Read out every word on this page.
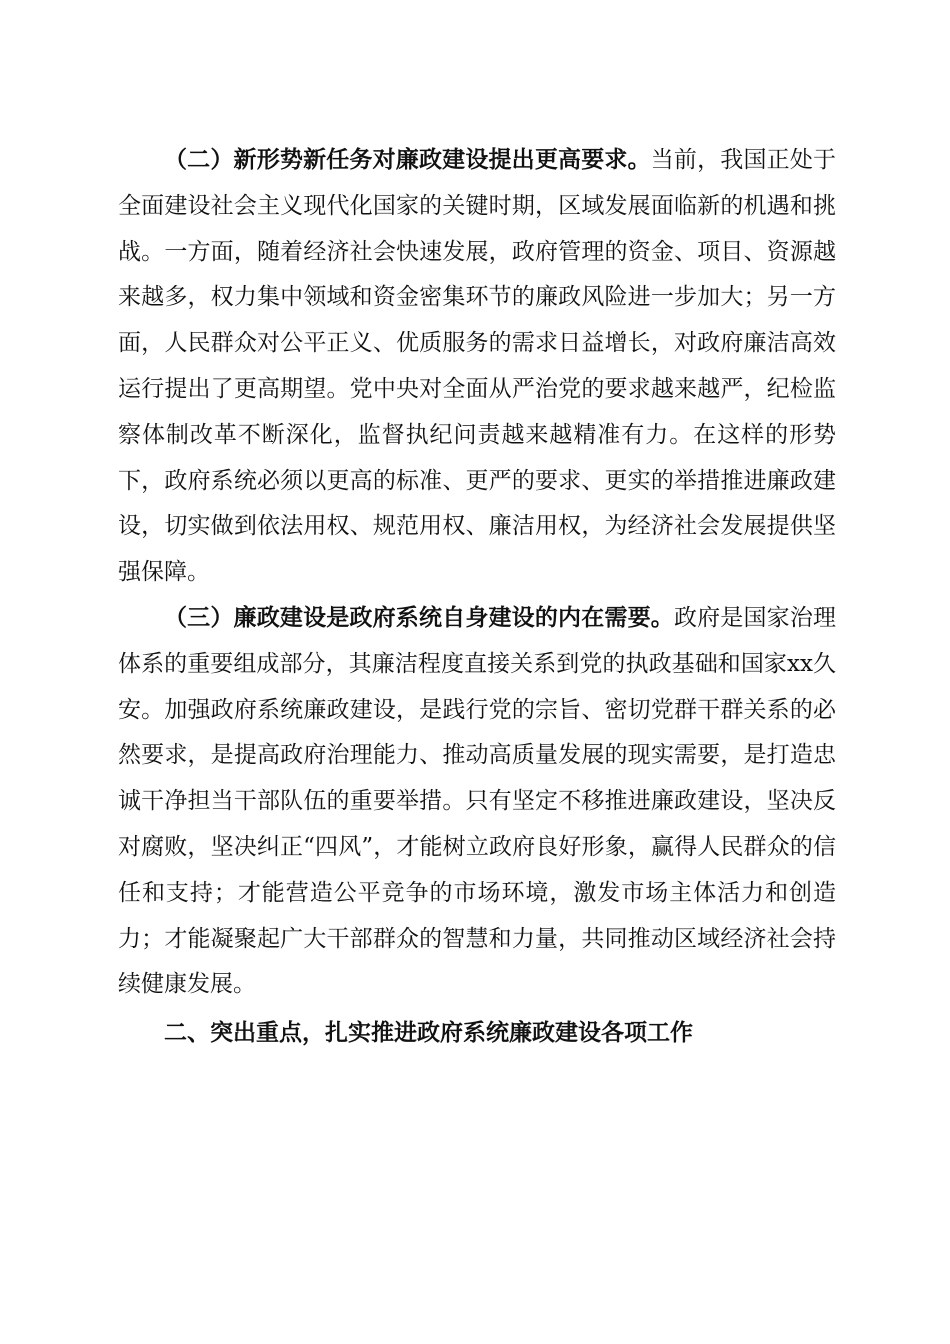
（二）新形势新任务对廉政建设提出更高要求。当前，我国正处于全面建设社会主义现代化国家的关键时期，区域发展面临新的机遇和挑战。一方面，随着经济社会快速发展，政府管理的资金、项目、资源越来越多，权力集中领域和资金密集环节的廉政风险进一步加大；另一方面，人民群众对公平正义、优质服务的需求日益增长，对政府廉洁高效运行提出了更高期望。党中央对全面从严治党的要求越来越严，纪检监察体制改革不断深化，监督执纪问责越来越精准有力。在这样的形势下，政府系统必须以更高的标准、更严的要求、更实的举措推进廉政建设，切实做到依法用权、规范用权、廉洁用权，为经济社会发展提供坚强保障。

（三）廉政建设是政府系统自身建设的内在需要。政府是国家治理体系的重要组成部分，其廉洁程度直接关系到党的执政基础和国家xx久安。加强政府系统廉政建设，是践行党的宗旨、密切党群干群关系的必然要求，是提高政府治理能力、推动高质量发展的现实需要，是打造忠诚干净担当干部队伍的重要举措。只有坚定不移推进廉政建设，坚决反对腐败，坚决纠正“四风”，才能树立政府良好形象，赢得人民群众的信任和支持；才能营造公平竞争的市场环境，激发市场主体活力和创造力；才能凝聚起广大干部群众的智慧和力量，共同推动区域经济社会持续健康发展。

二、突出重点，扎实推进政府系统廉政建设各项工作
